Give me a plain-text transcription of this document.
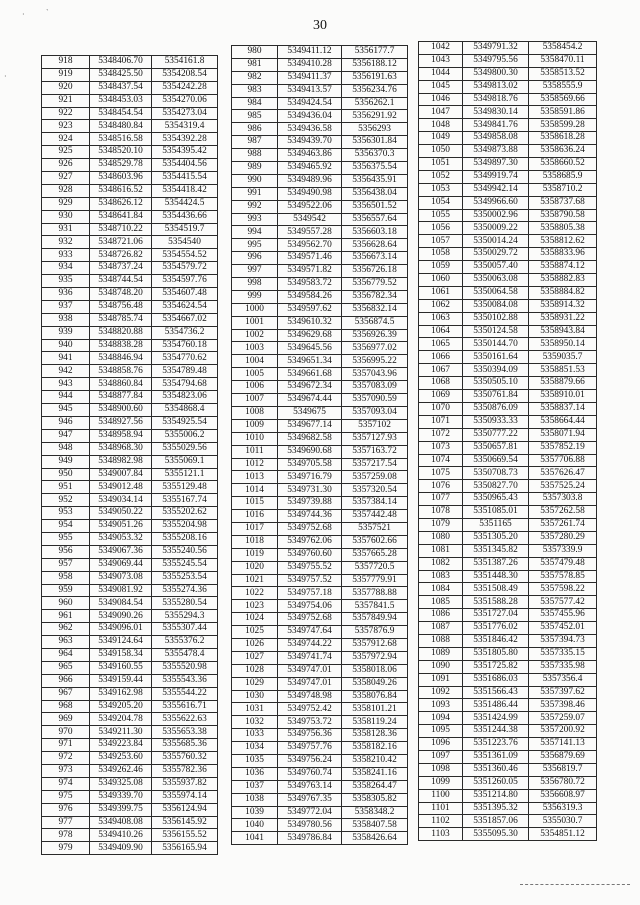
30
·	ˋ
·
918	5348406.70	5354161.8
919	5348425.50	5354208.54
920	5348437.54	5354242.28
921	5348453.03	5354270.06
922	5348454.54	5354273.04
923	5348480.84	5354319.4
924	5348516.58	5354392.28
925	5348520.10	5354395.42
926	5348529.78	5354404.56
927	5348603.96	5354415.54
928	5348616.52	5354418.42
929	5348626.12	5354424.5
930	5348641.84	5354436.66
931	5348710.22	5354519.7
932	5348721.06	5354540
933	5348726.82	5354554.52
934	5348737.24	5354579.72
935	5348744.54	5354597.76
936	5348748.20	5354607.48
937	5348756.48	5354624.54
938	5348785.74	5354667.02
939	5348820.88	5354736.2
940	5348838.28	5354760.18
941	5348846.94	5354770.62
942	5348858.76	5354789.48
943	5348860.84	5354794.68
944	5348877.84	5354823.06
945	5348900.60	5354868.4
946	5348927.56	5354925.54
947	5348958.94	5355006.2
948	5348968.30	5355029.56
949	5348982.98	5355069.1
950	5349007.84	5355121.1
951	5349012.48	5355129.48
952	5349034.14	5355167.74
953	5349050.22	5355202.62
954	5349051.26	5355204.98
955	5349053.32	5355208.16
956	5349067.36	5355240.56
957	5349069.44	5355245.54
958	5349073.08	5355253.54
959	5349081.92	5355274.36
960	5349084.54	5355280.54
961	5349090.26	5355294.3
962	5349096.01	5355307.44
963	5349124.64	5355376.2
964	5349158.34	5355478.4
965	5349160.55	5355520.98
966	5349159.44	5355543.36
967	5349162.98	5355544.22
968	5349205.20	5355616.71
969	5349204.78	5355622.63
970	5349211.30	5355653.38
971	5349223.84	5355685.36
972	5349253.60	5355760.32
973	5349262.46	5355782.36
974	5349325.08	5355937.82
975	5349339.70	5355974.14
976	5349399.75	5356124.94
977	5349408.08	5356145.92
978	5349410.26	5356155.52
979	5349409.90	5356165.94
980	5349411.12	5356177.7
981	5349410.28	5356188.12
982	5349411.37	5356191.63
983	5349413.57	5356234.76
984	5349424.54	5356262.1
985	5349436.04	5356291.92
986	5349436.58	5356293
987	5349439.70	5356301.84
988	5349463.86	5356370.3
989	5349465.92	5356375.54
990	5349489.96	5356435.91
991	5349490.98	5356438.04
992	5349522.06	5356501.52
993	5349542	5356557.64
994	5349557.28	5356603.18
995	5349562.70	5356628.64
996	5349571.46	5356673.14
997	5349571.82	5356726.18
998	5349583.72	5356779.52
999	5349584.26	5356782.34
1000	5349597.62	5356832.14
1001	5349610.32	5356874.5
1002	5349629.68	5356926.39
1003	5349645.56	5356977.02
1004	5349651.34	5356995.22
1005	5349661.68	5357043.96
1006	5349672.34	5357083.09
1007	5349674.44	5357090.59
1008	5349675	5357093.04
1009	5349677.14	5357102
1010	5349682.58	5357127.93
1011	5349690.68	5357163.72
1012	5349705.58	5357217.54
1013	5349716.79	5357259.08
1014	5349731.30	5357320.54
1015	5349739.88	5357384.14
1016	5349744.36	5357442.48
1017	5349752.68	5357521
1018	5349762.06	5357602.66
1019	5349760.60	5357665.28
1020	5349755.52	5357720.5
1021	5349757.52	5357779.91
1022	5349757.18	5357788.88
1023	5349754.06	5357841.5
1024	5349752.68	5357849.94
1025	5349747.64	5357876.9
1026	5349744.22	5357912.68
1027	5349741.74	5357972.94
1028	5349747.01	5358018.06
1029	5349747.01	5358049.26
1030	5349748.98	5358076.84
1031	5349752.42	5358101.21
1032	5349753.72	5358119.24
1033	5349756.36	5358128.36
1034	5349757.76	5358182.16
1035	5349756.24	5358210.42
1036	5349760.74	5358241.16
1037	5349763.14	5358264.47
1038	5349767.35	5358305.82
1039	5349772.04	5358348.2
1040	5349780.56	5358407.58
1041	5349786.84	5358426.64
1042	5349791.32	5358454.2
1043	5349795.56	5358470.11
1044	5349800.30	5358513.52
1045	5349813.02	5358555.9
1046	5349818.76	5358569.66
1047	5349830.14	5358591.86
1048	5349841.76	5358599.28
1049	5349858.08	5358618.28
1050	5349873.88	5358636.24
1051	5349897.30	5358660.52
1052	5349919.74	5358685.9
1053	5349942.14	5358710.2
1054	5349966.60	5358737.68
1055	5350002.96	5358790.58
1056	5350009.22	5358805.38
1057	5350014.24	5358812.62
1058	5350029.72	5358833.96
1059	5350057.40	5358874.12
1060	5350063.08	5358882.83
1061	5350064.58	5358884.82
1062	5350084.08	5358914.32
1063	5350102.88	5358931.22
1064	5350124.58	5358943.84
1065	5350144.70	5358950.14
1066	5350161.64	5359035.7
1067	5350394.09	5358851.53
1068	5350505.10	5358879.66
1069	5350761.84	5358910.01
1070	5350876.09	5358837.14
1071	5350933.33	5358664.44
1072	5350777.22	5358071.94
1073	5350657.81	5357852.19
1074	5350669.54	5357706.88
1075	5350708.73	5357626.47
1076	5350827.70	5357525.24
1077	5350965.43	5357303.8
1078	5351085.01	5357262.58
1079	5351165	5357261.74
1080	5351305.20	5357280.29
1081	5351345.82	5357339.9
1082	5351387.26	5357479.48
1083	5351448.30	5357578.85
1084	5351508.49	5357598.22
1085	5351588.28	5357577.42
1086	5351727.04	5357455.96
1087	5351776.02	5357452.01
1088	5351846.42	5357394.73
1089	5351805.80	5357335.15
1090	5351725.82	5357335.98
1091	5351686.03	5357356.4
1092	5351566.43	5357397.62
1093	5351486.44	5357398.46
1094	5351424.99	5357259.07
1095	5351244.38	5357200.92
1096	5351223.76	5357141.13
1097	5351361.09	5356879.69
1098	5351360.46	5356819.7
1099	5351260.05	5356780.72
1100	5351214.80	5356608.97
1101	5351395.32	5356319.3
1102	5351857.06	5355030.7
1103	5355095.30	5354851.12
